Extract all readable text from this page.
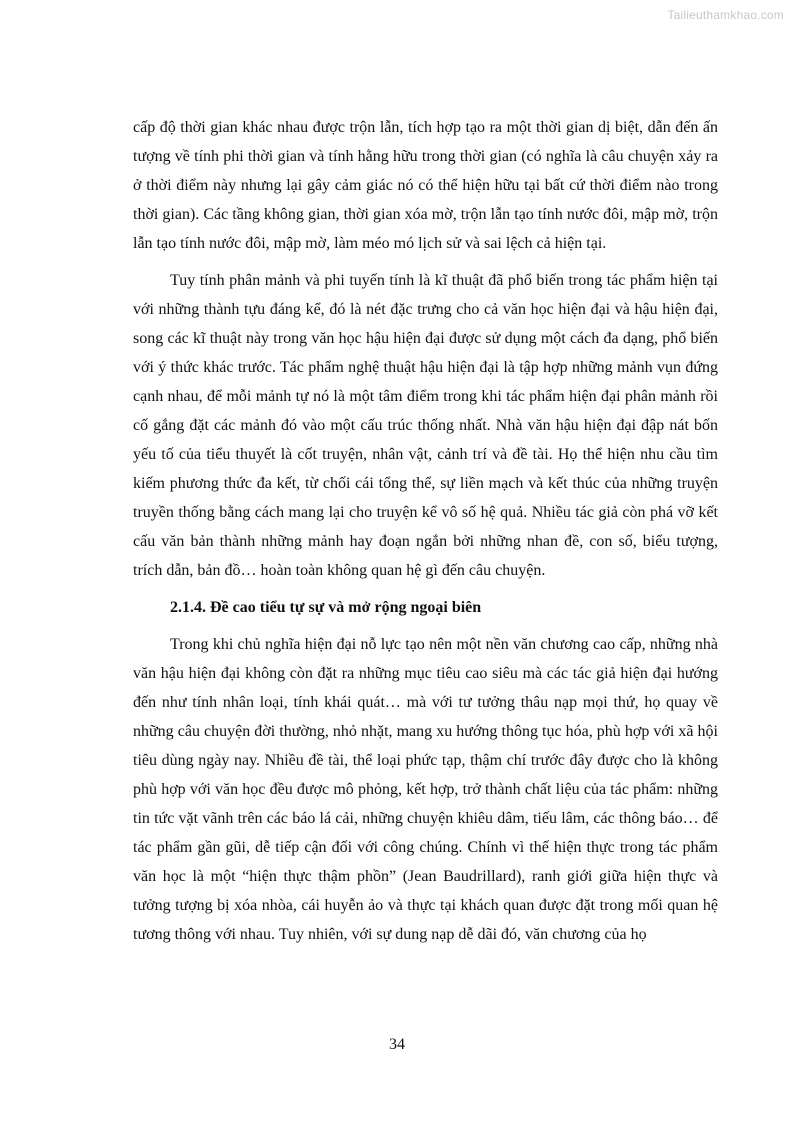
Tailieuthamkhao.com

cấp độ thời gian khác nhau được trộn lẫn, tích hợp tạo ra một thời gian dị biệt, dẫn đến ấn tượng về tính phi thời gian và tính hằng hữu trong thời gian (có nghĩa là câu chuyện xảy ra ở thời điểm này nhưng lại gây cảm giác nó có thể hiện hữu tại bất cứ thời điểm nào trong thời gian). Các tầng không gian, thời gian xóa mờ, trộn lẫn tạo tính nước đôi, mập mờ, trộn lẫn tạo tính nước đôi, mập mờ, làm méo mó lịch sử và sai lệch cả hiện tại.

Tuy tính phân mảnh và phi tuyến tính là kĩ thuật đã phổ biến trong tác phẩm hiện tại với những thành tựu đáng kể, đó là nét đặc trưng cho cả văn học hiện đại và hậu hiện đại, song các kĩ thuật này trong văn học hậu hiện đại được sử dụng một cách đa dạng, phổ biến với ý thức khác trước. Tác phẩm nghệ thuật hậu hiện đại là tập hợp những mảnh vụn đứng cạnh nhau, để mỗi mảnh tự nó là một tâm điểm trong khi tác phẩm hiện đại phân mảnh rồi cố gắng đặt các mảnh đó vào một cấu trúc thống nhất. Nhà văn hậu hiện đại đập nát bốn yếu tố của tiểu thuyết là cốt truyện, nhân vật, cảnh trí và đề tài. Họ thể hiện nhu cầu tìm kiếm phương thức đa kết, từ chối cái tổng thể, sự liền mạch và kết thúc của những truyện truyền thống bằng cách mang lại cho truyện kể vô số hệ quả. Nhiều tác giả còn phá vỡ kết cấu văn bản thành những mảnh hay đoạn ngắn bởi những nhan đề, con số, biểu tượng, trích dẫn, bản đồ… hoàn toàn không quan hệ gì đến câu chuyện.

2.1.4. Đề cao tiểu tự sự và mở rộng ngoại biên

Trong khi chủ nghĩa hiện đại nỗ lực tạo nên một nền văn chương cao cấp, những nhà văn hậu hiện đại không còn đặt ra những mục tiêu cao siêu mà các tác giả hiện đại hướng đến như tính nhân loại, tính khái quát… mà với tư tưởng thâu nạp mọi thứ, họ quay về những câu chuyện đời thường, nhỏ nhặt, mang xu hướng thông tục hóa, phù hợp với xã hội tiêu dùng ngày nay. Nhiều đề tài, thể loại phức tạp, thậm chí trước đây được cho là không phù hợp với văn học đều được mô phỏng, kết hợp, trở thành chất liệu của tác phẩm: những tin tức vặt vãnh trên các báo lá cải, những chuyện khiêu dâm, tiếu lâm, các thông báo… để tác phẩm gần gũi, dễ tiếp cận đối với công chúng. Chính vì thế hiện thực trong tác phẩm văn học là một “hiện thực thậm phồn” (Jean Baudrillard), ranh giới giữa hiện thực và tưởng tượng bị xóa nhòa, cái huyễn ảo và thực tại khách quan được đặt trong mối quan hệ tương thông với nhau. Tuy nhiên, với sự dung nạp dễ dãi đó, văn chương của họ

34
